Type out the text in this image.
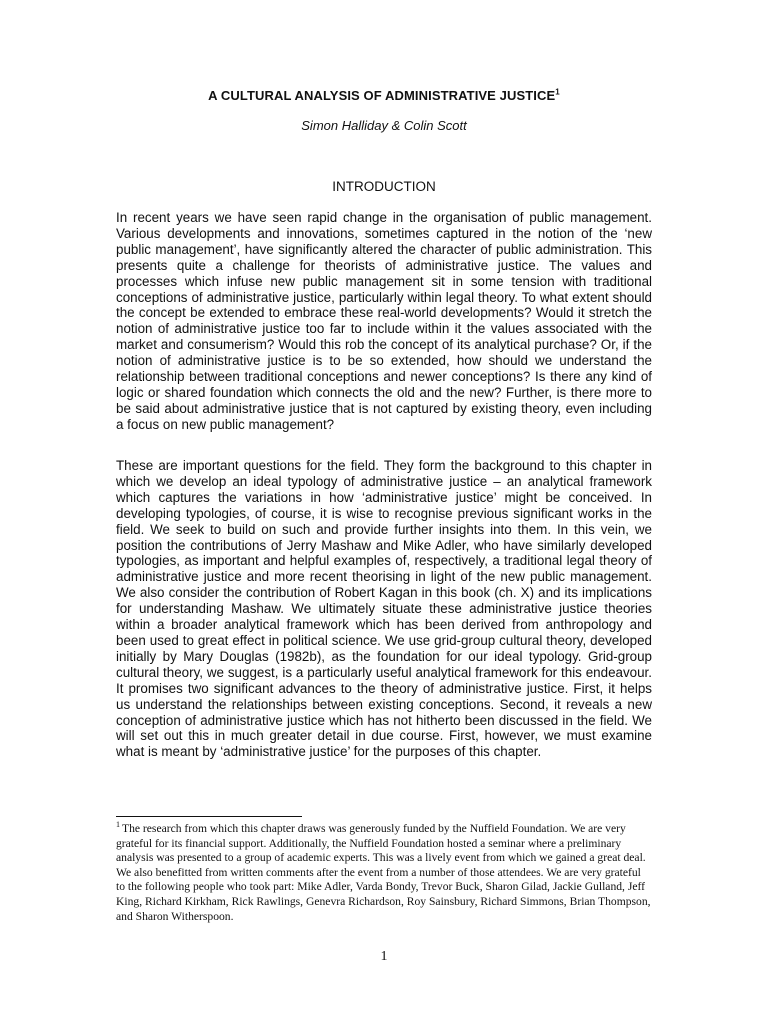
A CULTURAL ANALYSIS OF ADMINISTRATIVE JUSTICE$^1$
Simon Halliday & Colin Scott
INTRODUCTION

In recent years we have seen rapid change in the organisation of public management. Various developments and innovations, sometimes captured in the notion of the ‘new public management’, have significantly altered the character of public administration. This presents quite a challenge for theorists of administrative justice. The values and processes which infuse new public management sit in some tension with traditional conceptions of administrative justice, particularly within legal theory. To what extent should the concept be extended to embrace these real-world developments? Would it stretch the notion of administrative justice too far to include within it the values associated with the market and consumerism? Would this rob the concept of its analytical purchase? Or, if the notion of administrative justice is to be so extended, how should we understand the relationship between traditional conceptions and newer conceptions? Is there any kind of logic or shared foundation which connects the old and the new? Further, is there more to be said about administrative justice that is not captured by existing theory, even including a focus on new public management?

These are important questions for the field. They form the background to this chapter in which we develop an ideal typology of administrative justice – an analytical framework which captures the variations in how ‘administrative justice’ might be conceived. In developing typologies, of course, it is wise to recognise previous significant works in the field. We seek to build on such and provide further insights into them. In this vein, we position the contributions of Jerry Mashaw and Mike Adler, who have similarly developed typologies, as important and helpful examples of, respectively, a traditional legal theory of administrative justice and more recent theorising in light of the new public management. We also consider the contribution of Robert Kagan in this book (ch. X) and its implications for understanding Mashaw. We ultimately situate these administrative justice theories within a broader analytical framework which has been derived from anthropology and been used to great effect in political science. We use grid-group cultural theory, developed initially by Mary Douglas (1982b), as the foundation for our ideal typology. Grid-group cultural theory, we suggest, is a particularly useful analytical framework for this endeavour. It promises two significant advances to the theory of administrative justice. First, it helps us understand the relationships between existing conceptions. Second, it reveals a new conception of administrative justice which has not hitherto been discussed in the field. We will set out this in much greater detail in due course. First, however, we must examine what is meant by ‘administrative justice’ for the purposes of this chapter.

$^1$ The research from which this chapter draws was generously funded by the Nuffield Foundation. We are very grateful for its financial support. Additionally, the Nuffield Foundation hosted a seminar where a preliminary analysis was presented to a group of academic experts. This was a lively event from which we gained a great deal. We also benefitted from written comments after the event from a number of those attendees. We are very grateful to the following people who took part: Mike Adler, Varda Bondy, Trevor Buck, Sharon Gilad, Jackie Gulland, Jeff King, Richard Kirkham, Rick Rawlings, Genevra Richardson, Roy Sainsbury, Richard Simmons, Brian Thompson, and Sharon Witherspoon.

1
